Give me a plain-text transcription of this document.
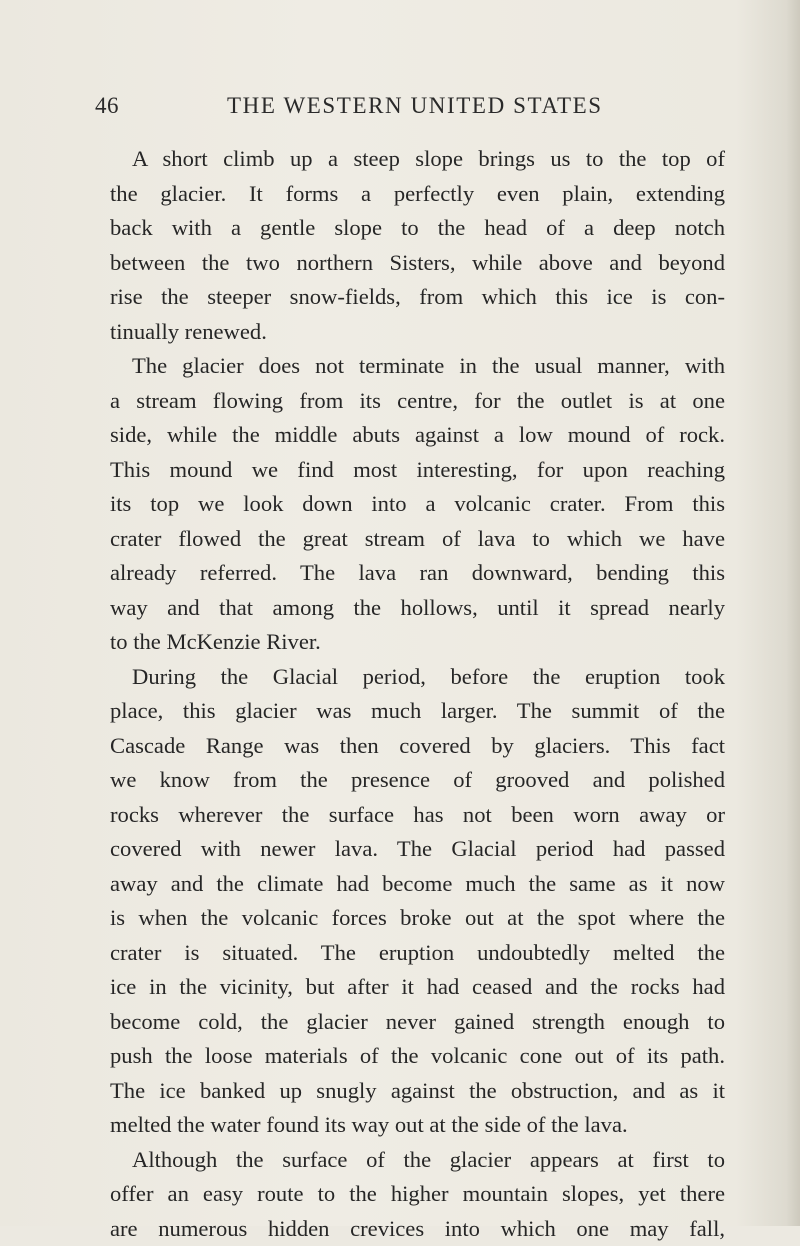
46	THE WESTERN UNITED STATES
A short climb up a steep slope brings us to the top of
the glacier. It forms a perfectly even plain, extending
back with a gentle slope to the head of a deep notch
between the two northern Sisters, while above and beyond
rise the steeper snow-fields, from which this ice is con-
tinually renewed.
The glacier does not terminate in the usual manner, with
a stream flowing from its centre, for the outlet is at one
side, while the middle abuts against a low mound of rock.
This mound we find most interesting, for upon reaching
its top we look down into a volcanic crater. From this
crater flowed the great stream of lava to which we have
already referred. The lava ran downward, bending this
way and that among the hollows, until it spread nearly
to the McKenzie River.
During the Glacial period, before the eruption took
place, this glacier was much larger. The summit of the
Cascade Range was then covered by glaciers. This fact
we know from the presence of grooved and polished
rocks wherever the surface has not been worn away or
covered with newer lava. The Glacial period had passed
away and the climate had become much the same as it now
is when the volcanic forces broke out at the spot where the
crater is situated. The eruption undoubtedly melted the
ice in the vicinity, but after it had ceased and the rocks had
become cold, the glacier never gained strength enough to
push the loose materials of the volcanic cone out of its path.
The ice banked up snugly against the obstruction, and as it
melted the water found its way out at the side of the lava.
Although the surface of the glacier appears at first to
offer an easy route to the higher mountain slopes, yet there
are numerous hidden crevices into which one may fall,
